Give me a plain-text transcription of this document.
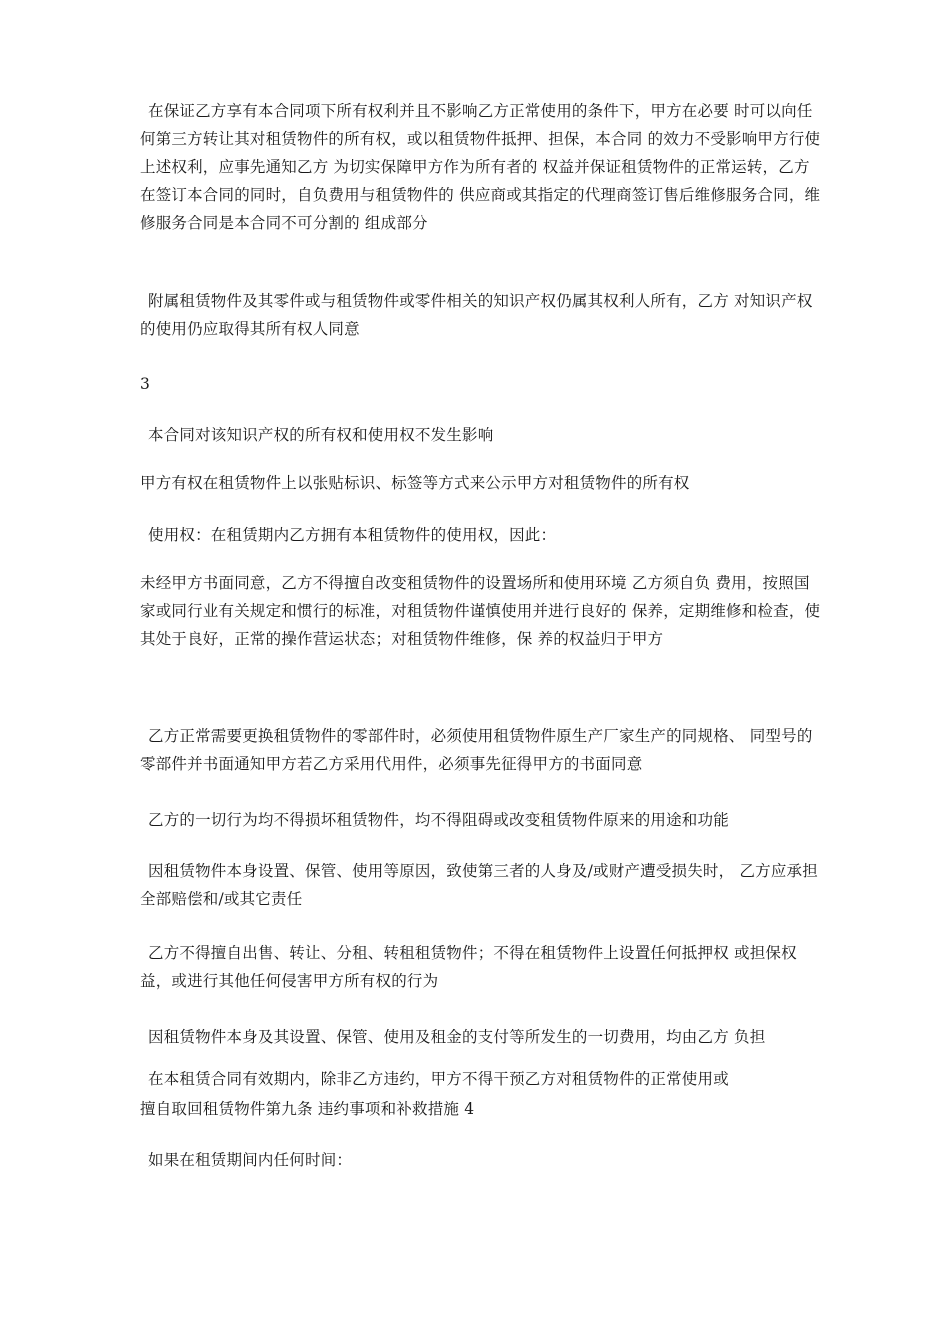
在保证乙方享有本合同项下所有权利并且不影响乙方正常使用的条件下，甲方在必要 时可以向任何第三方转让其对租赁物件的所有权，或以租赁物件抵押、担保，本合同 的效力不受影响甲方行使上述权利，应事先通知乙方 为切实保障甲方作为所有者的 权益并保证租赁物件的正常运转，乙方在签订本合同的同时，自负费用与租赁物件的 供应商或其指定的代理商签订售后维修服务合同，维修服务合同是本合同不可分割的 组成部分

附属租赁物件及其零件或与租赁物件或零件相关的知识产权仍属其权利人所有，乙方 对知识产权的使用仍应取得其所有权人同意

3

本合同对该知识产权的所有权和使用权不发生影响

甲方有权在租赁物件上以张贴标识、标签等方式来公示甲方对租赁物件的所有权

使用权：在租赁期内乙方拥有本租赁物件的使用权，因此：

未经甲方书面同意，乙方不得擅自改变租赁物件的设置场所和使用环境 乙方须自负 费用，按照国家或同行业有关规定和惯行的标准，对租赁物件谨慎使用并进行良好的 保养，定期维修和检查，使其处于良好，正常的操作营运状态；对租赁物件维修，保 养的权益归于甲方

乙方正常需要更换租赁物件的零部件时，必须使用租赁物件原生产厂家生产的同规格、 同型号的零部件并书面通知甲方若乙方采用代用件，必须事先征得甲方的书面同意

乙方的一切行为均不得损坏租赁物件，均不得阻碍或改变租赁物件原来的用途和功能

因租赁物件本身设置、保管、使用等原因，致使第三者的人身及/或财产遭受损失时， 乙方应承担全部赔偿和/或其它责任

乙方不得擅自出售、转让、分租、转租租赁物件；不得在租赁物件上设置任何抵押权 或担保权益，或进行其他任何侵害甲方所有权的行为

因租赁物件本身及其设置、保管、使用及租金的支付等所发生的一切费用，均由乙方 负担

在本租赁合同有效期内，除非乙方违约，甲方不得干预乙方对租赁物件的正常使用或

擅自取回租赁物件第九条 违约事项和补救措施 4

如果在租赁期间内任何时间：
